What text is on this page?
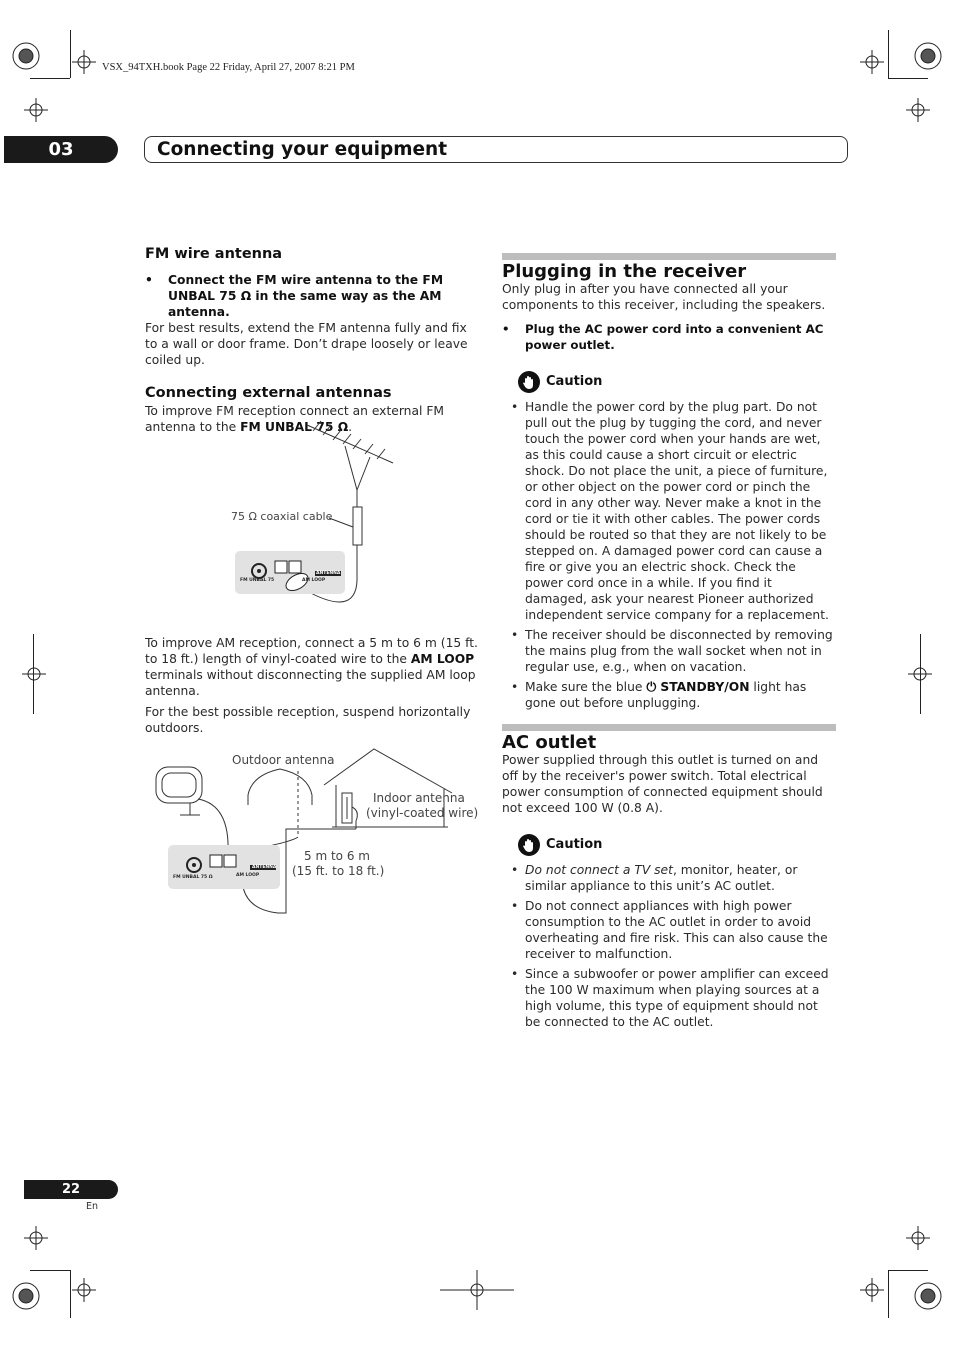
VSX_94TXH.book Page 22 Friday, April 27, 2007 8:21 PM
03	Connecting your equipment
FM wire antenna
• Connect the FM wire antenna to the FM UNBAL 75 Ω in the same way as the AM antenna.
For best results, extend the FM antenna fully and fix to a wall or door frame. Don’t drape loosely or leave coiled up.
Connecting external antennas
To improve FM reception connect an external FM antenna to the FM UNBAL 75 Ω.
75 Ω coaxial cable
FM UNBAL 75	AM LOOP
ANTENNA
To improve AM reception, connect a 5 m to 6 m (15 ft. to 18 ft.) length of vinyl-coated wire to the AM LOOP terminals without disconnecting the supplied AM loop antenna.
For the best possible reception, suspend horizontally outdoors.
Outdoor antenna
Indoor antenna
(vinyl-coated wire)
5 m to 6 m
(15 ft. to 18 ft.)
FM UNBAL 75 Ω	AM LOOP
ANTENNA
Plugging in the receiver
Only plug in after you have connected all your components to this receiver, including the speakers.
• Plug the AC power cord into a convenient AC power outlet.
Caution
• Handle the power cord by the plug part. Do not pull out the plug by tugging the cord, and never touch the power cord when your hands are wet, as this could cause a short circuit or electric shock. Do not place the unit, a piece of furniture, or other object on the power cord or pinch the cord in any other way. Never make a knot in the cord or tie it with other cables. The power cords should be routed so that they are not likely to be stepped on. A damaged power cord can cause a fire or give you an electric shock. Check the power cord once in a while. If you find it damaged, ask your nearest Pioneer authorized independent service company for a replacement.
• The receiver should be disconnected by removing the mains plug from the wall socket when not in regular use, e.g., when on vacation.
• Make sure the blue ⏻ STANDBY/ON light has gone out before unplugging.
AC outlet
Power supplied through this outlet is turned on and off by the receiver's power switch. Total electrical power consumption of connected equipment should not exceed 100 W (0.8 A).
Caution
• Do not connect a TV set, monitor, heater, or similar appliance to this unit’s AC outlet.
• Do not connect appliances with high power consumption to the AC outlet in order to avoid overheating and fire risk. This can also cause the receiver to malfunction.
• Since a subwoofer or power amplifier can exceed the 100 W maximum when playing sources at a high volume, this type of equipment should not be connected to the AC outlet.
22
En
